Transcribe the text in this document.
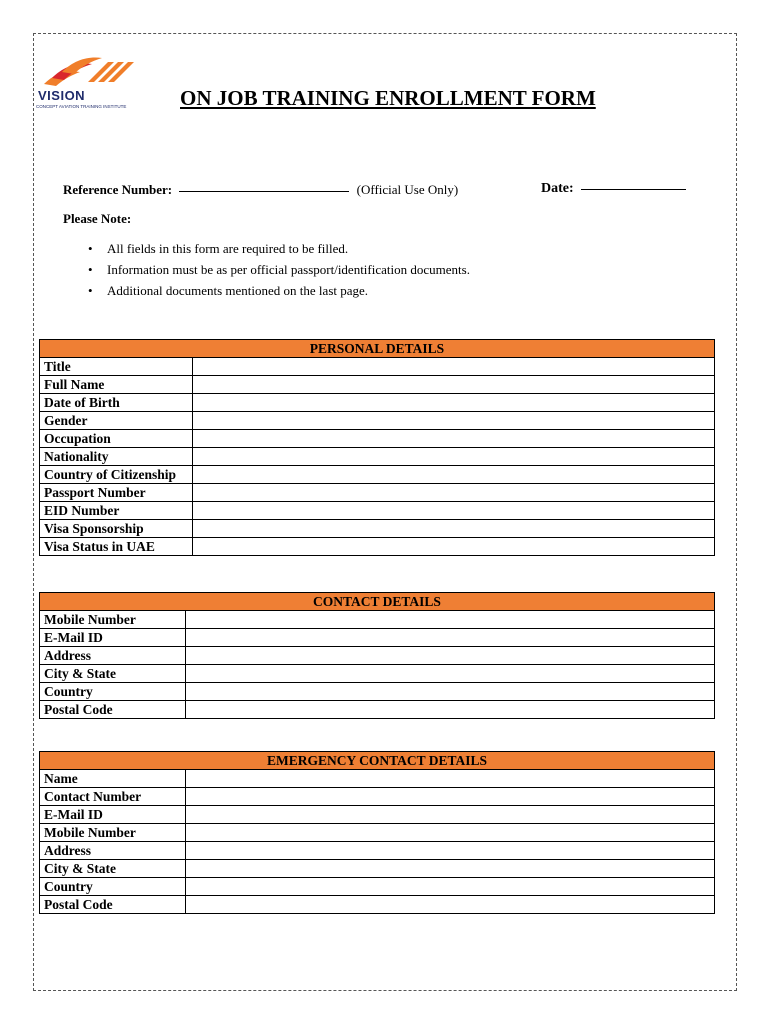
VISION
CONCEPT AVIATION TRAINING INSTITUTE	ON JOB TRAINING ENROLLMENT FORM
Reference Number:	(Official Use Only)	Date:
Please Note:
• All fields in this form are required to be filled.
• Information must be as per official passport/identification documents.
• Additional documents mentioned on the last page.
PERSONAL DETAILS	
Title	
Full Name	
Date of Birth	
Gender	
Occupation	
Nationality	
Country of Citizenship	
Passport Number	
EID Number	
Visa Sponsorship	
Visa Status in UAE	
CONTACT DETAILS	
Mobile Number	
E-Mail ID	
Address	
City & State	
Country	
Postal Code	
EMERGENCY CONTACT DETAILS	
Name	
Contact Number	
E-Mail ID	
Mobile Number	
Address	
City & State	
Country	
Postal Code	
